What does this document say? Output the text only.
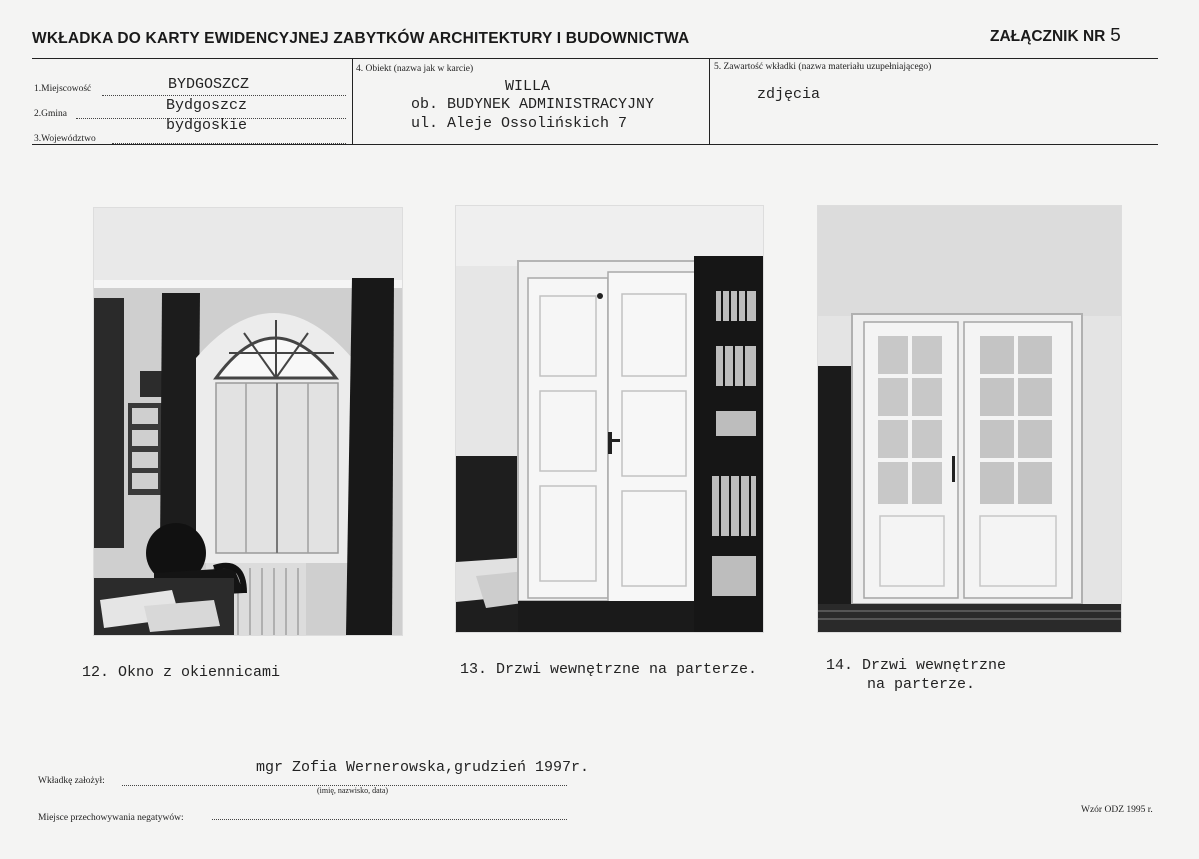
WKŁADKA DO KARTY EWIDENCYJNEJ ZABYTKÓW ARCHITEKTURY I BUDOWNICTWA	ZAŁĄCZNIK NR 5
1.Miejscowość	BYDGOSZCZ
2.Gmina	Bydgoszcz
3.Województwo
bydgoskie
4. Obiekt (nazwa jak w karcie)
WILLA
ob. BUDYNEK ADMINISTRACYJNY
ul. Aleje Ossolińskich 7
5. Zawartość wkładki (nazwa materiału uzupełniającego)
zdjęcia
12. Okno z okiennicami	13. Drzwi wewnętrzne na parterze.	14. Drzwi wewnętrzne
na parterze.
Wkładkę założył:
mgr Zofia Wernerowska,grudzień 1997r.
(imię, nazwisko, data)
Miejsce przechowywania negatywów:
Wzór ODZ 1995 r.
